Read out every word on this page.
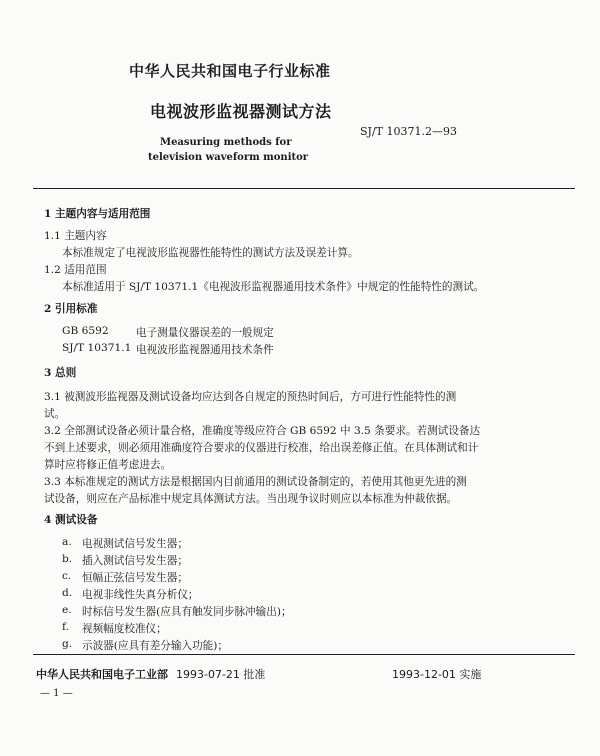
中华人民共和国电子行业标准
电视波形监视器测试方法
Measuring methods for
television waveform monitor
SJ/T 10371.2—93
1 主题内容与适用范围
1.1 主题内容
本标准规定了电视波形监视器性能特性的测试方法及误差计算。
1.2 适用范围
本标准适用于 SJ/T 10371.1《电视波形监视器通用技术条件》中规定的性能特性的测试。
2 引用标准
GB 6592	电子测量仪器误差的一般规定
SJ/T 10371.1 电视波形监视器通用技术条件
3 总则
3.1 被测波形监视器及测试设备均应达到各自规定的预热时间后，方可进行性能特性的测
试。
3.2 全部测试设备必须计量合格，准确度等级应符合 GB 6592 中 3.5 条要求。若测试设备达
不到上述要求，则必须用准确度符合要求的仪器进行校准，给出误差修正值。在具体测试和计
算时应将修正值考虑进去。
3.3 本标准规定的测试方法是根据国内目前通用的测试设备制定的，若使用其他更先进的测
试设备，则应在产品标准中规定具体测试方法。当出现争议时则应以本标准为仲裁依据。
4 测试设备
a. 电视测试信号发生器；
b. 插入测试信号发生器；
c. 恒幅正弦信号发生器；
d. 电视非线性失真分析仪；
e. 时标信号发生器(应具有触发同步脉冲输出)；
f. 视频幅度校准仪；
g. 示波器(应具有差分输入功能)；
中华人民共和国电子工业部 1993-07-21 批准	1993-12-01 实施
— 1 —
